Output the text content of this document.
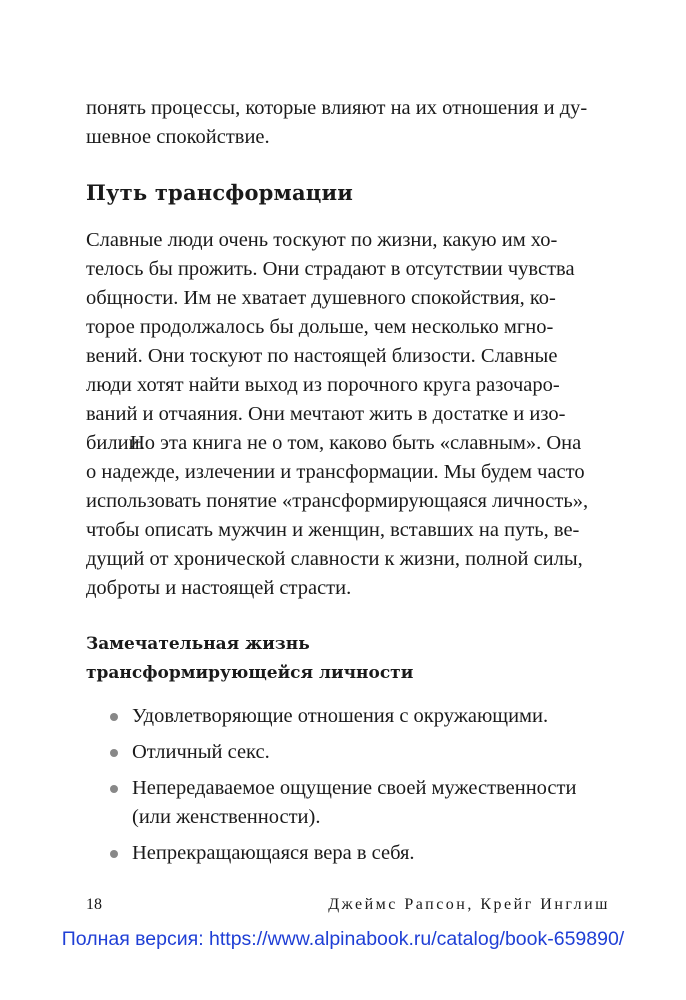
понять процессы, которые влияют на их отношения и ду-
шевное спокойствие.

Путь трансформации

Славные люди очень тоскуют по жизни, какую им хо-
телось бы прожить. Они страдают в отсутствии чувства
общности. Им не хватает душевного спокойствия, ко-
торое продолжалось бы дольше, чем несколько мгно-
вений. Они тоскуют по настоящей близости. Славные
люди хотят найти выход из порочного круга разочаро-
ваний и отчаяния. Они мечтают жить в достатке и изо-
билии.

Но эта книга не о том, каково быть «славным». Она
о надежде, излечении и трансформации. Мы будем часто
использовать понятие «трансформирующаяся личность»,
чтобы описать мужчин и женщин, вставших на путь, ве-
дущий от хронической славности к жизни, полной силы,
доброты и настоящей страсти.

Замечательная жизнь
трансформирующейся личности
Удовлетворяющие отношения с окружающими.
Отличный секс.
Непередаваемое ощущение своей мужественности
(или женственности).
Непрекращающаяся вера в себя.
18	Джеймс Рапсон, Крейг Инглиш
Полная версия: https://www.alpinabook.ru/catalog/book-659890/
